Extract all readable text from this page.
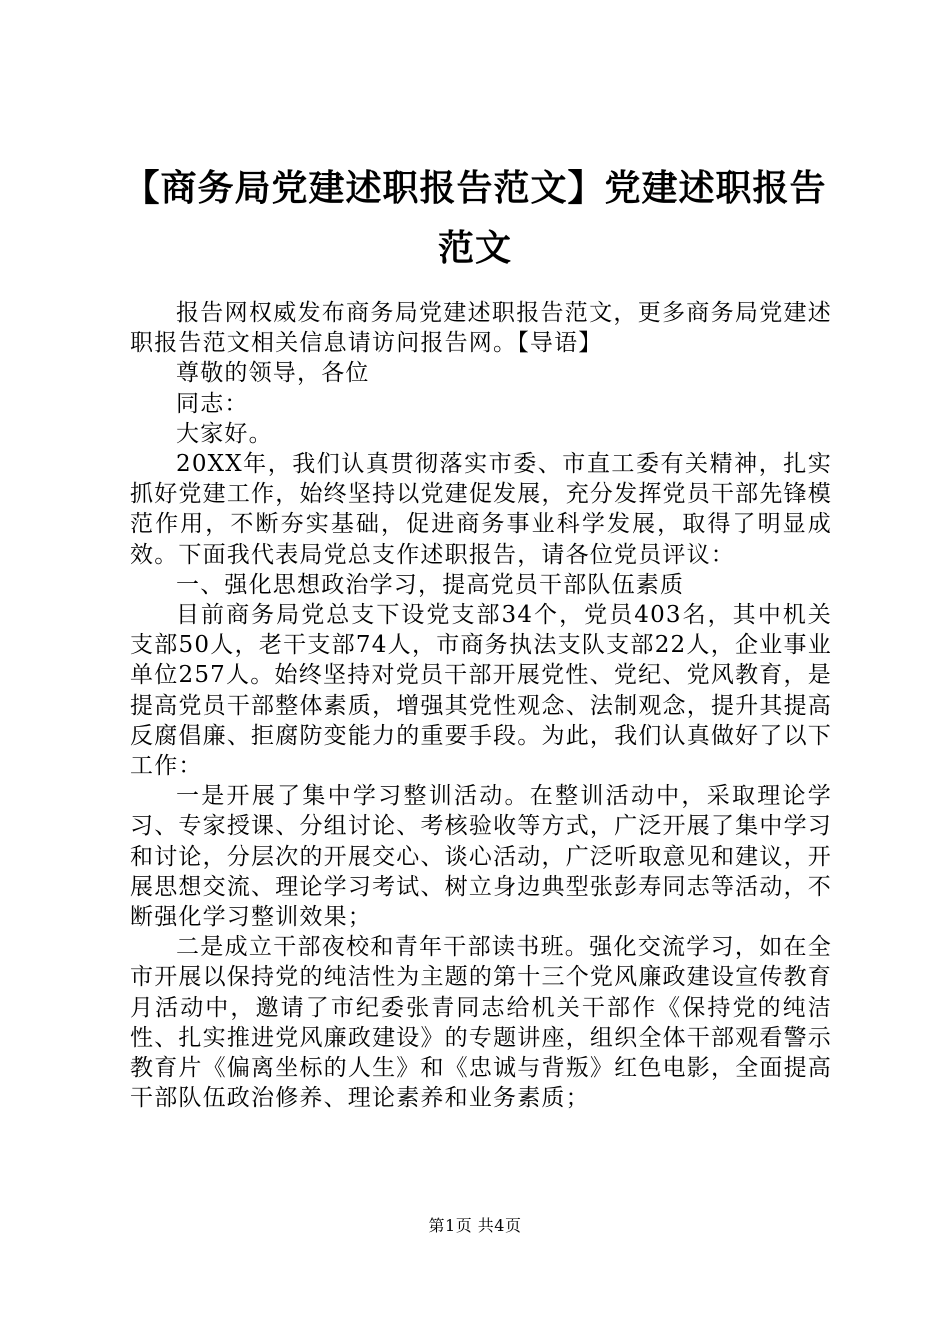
【商务局党建述职报告范文】党建述职报告范文

报告网权威发布商务局党建述职报告范文，更多商务局党建述职报告范文相关信息请访问报告网。【导语】

尊敬的领导，各位

同志：

大家好。

20XX年，我们认真贯彻落实市委、市直工委有关精神，扎实抓好党建工作，始终坚持以党建促发展，充分发挥党员干部先锋模范作用，不断夯实基础，促进商务事业科学发展，取得了明显成效。下面我代表局党总支作述职报告，请各位党员评议：

一、强化思想政治学习，提高党员干部队伍素质

目前商务局党总支下设党支部34个，党员403名，其中机关支部50人，老干支部74人，市商务执法支队支部22人，企业事业单位257人。始终坚持对党员干部开展党性、党纪、党风教育，是提高党员干部整体素质，增强其党性观念、法制观念，提升其提高反腐倡廉、拒腐防变能力的重要手段。为此，我们认真做好了以下工作：

一是开展了集中学习整训活动。在整训活动中，采取理论学习、专家授课、分组讨论、考核验收等方式，广泛开展了集中学习和讨论，分层次的开展交心、谈心活动，广泛听取意见和建议，开展思想交流、理论学习考试、树立身边典型张彭寿同志等活动，不断强化学习整训效果；

二是成立干部夜校和青年干部读书班。强化交流学习，如在全市开展以保持党的纯洁性为主题的第十三个党风廉政建设宣传教育月活动中，邀请了市纪委张青同志给机关干部作《保持党的纯洁性、扎实推进党风廉政建设》的专题讲座，组织全体干部观看警示教育片《偏离坐标的人生》和《忠诚与背叛》红色电影，全面提高干部队伍政治修养、理论素养和业务素质；

第1页 共4页
